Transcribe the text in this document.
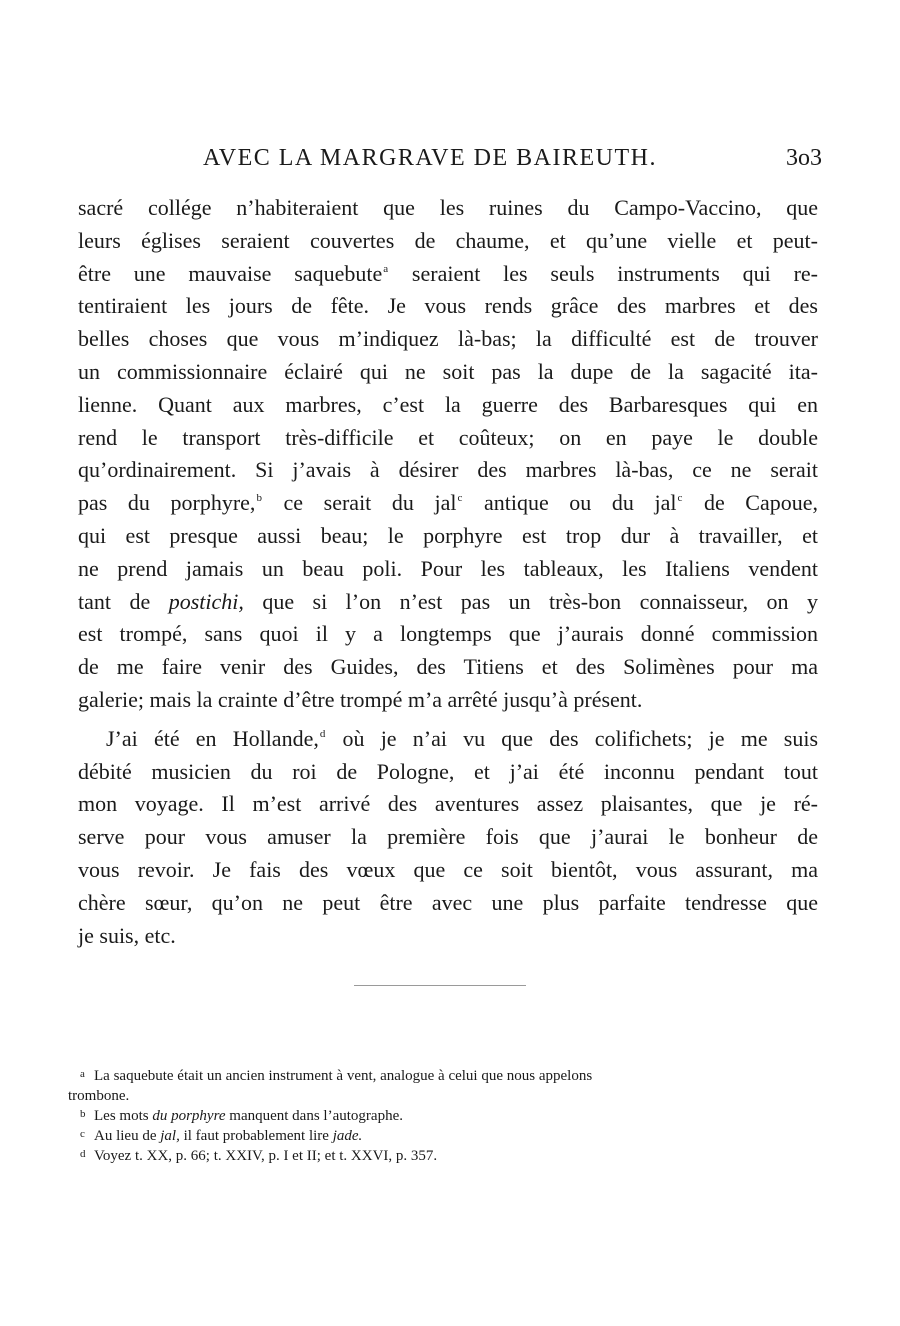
AVEC LA MARGRAVE DE BAIREUTH.	3o3
sacré collége n’habiteraient que les ruines du Campo-Vaccino, que
leurs églises seraient couvertes de chaume, et qu’une vielle et peut-
être une mauvaise saquebute$^a$ seraient les seuls instruments qui re-
tentiraient les jours de fête. Je vous rends grâce des marbres et des
belles choses que vous m’indiquez là-bas; la difficulté est de trouver
un commissionnaire éclairé qui ne soit pas la dupe de la sagacité ita-
lienne. Quant aux marbres, c’est la guerre des Barbaresques qui en
rend le transport très-difficile et coûteux; on en paye le double
qu’ordinairement. Si j’avais à désirer des marbres là-bas, ce ne serait
pas du porphyre,$^b$ ce serait du jal$^c$ antique ou du jal$^c$ de Capoue,
qui est presque aussi beau; le porphyre est trop dur à travailler, et
ne prend jamais un beau poli. Pour les tableaux, les Italiens vendent
tant de postichi, que si l’on n’est pas un très-bon connaisseur, on y
est trompé, sans quoi il y a longtemps que j’aurais donné commission
de me faire venir des Guides, des Titiens et des Solimènes pour ma
galerie; mais la crainte d’être trompé m’a arrêté jusqu’à présent.
J’ai été en Hollande,$^d$ où je n’ai vu que des colifichets; je me suis
débité musicien du roi de Pologne, et j’ai été inconnu pendant tout
mon voyage. Il m’est arrivé des aventures assez plaisantes, que je ré-
serve pour vous amuser la première fois que j’aurai le bonheur de
vous revoir. Je fais des vœux que ce soit bientôt, vous assurant, ma
chère sœur, qu’on ne peut être avec une plus parfaite tendresse que
je suis, etc.
a La saquebute était un ancien instrument à vent, analogue à celui que nous appelons
trombone.
b Les mots du porphyre manquent dans l’autographe.
c Au lieu de jal, il faut probablement lire jade.
d Voyez t. XX, p. 66; t. XXIV, p. I et II; et t. XXVI, p. 357.
